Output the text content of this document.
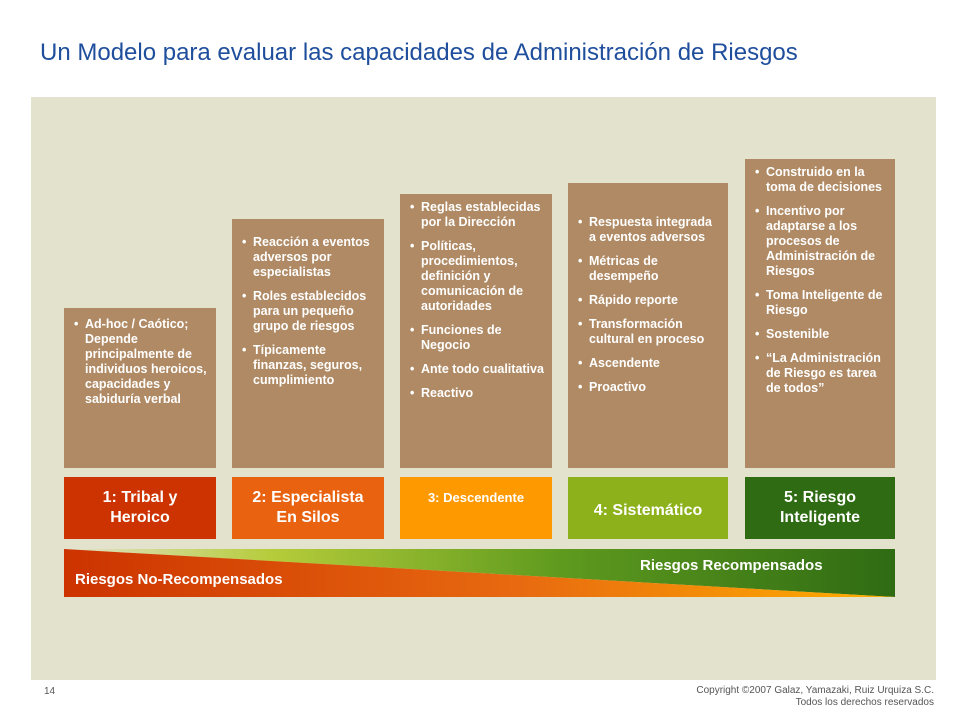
Un Modelo para evaluar las capacidades de Administración de Riesgos
• Ad-hoc / Caótico; Depende principalmente de individuos heroicos, capacidades y sabiduría verbal
• Reacción a eventos adversos por especialistas
• Roles establecidos para un pequeño grupo de riesgos
• Típicamente finanzas, seguros, cumplimiento
• Reglas establecidas por la Dirección
• Políticas, procedimientos, definición y comunicación de autoridades
• Funciones de Negocio
• Ante todo cualitativa
• Reactivo
• Respuesta integrada a eventos adversos
• Métricas de desempeño
• Rápido reporte
• Transformación cultural en proceso
• Ascendente
• Proactivo
• Construido en la toma de decisiones
• Incentivo por adaptarse a los procesos de Administración de Riesgos
• Toma Inteligente de Riesgo
• Sostenible
• “La Administración de Riesgo es tarea de todos”
1: Tribal y
Heroico
2: Especialista
En Silos
3: Descendente
4: Sistemático
5: Riesgo
Inteligente
Riesgos Recompensados
Riesgos No-Recompensados
14	Copyright ©2007 Galaz, Yamazaki, Ruiz Urquiza S.C.
Todos los derechos reservados
